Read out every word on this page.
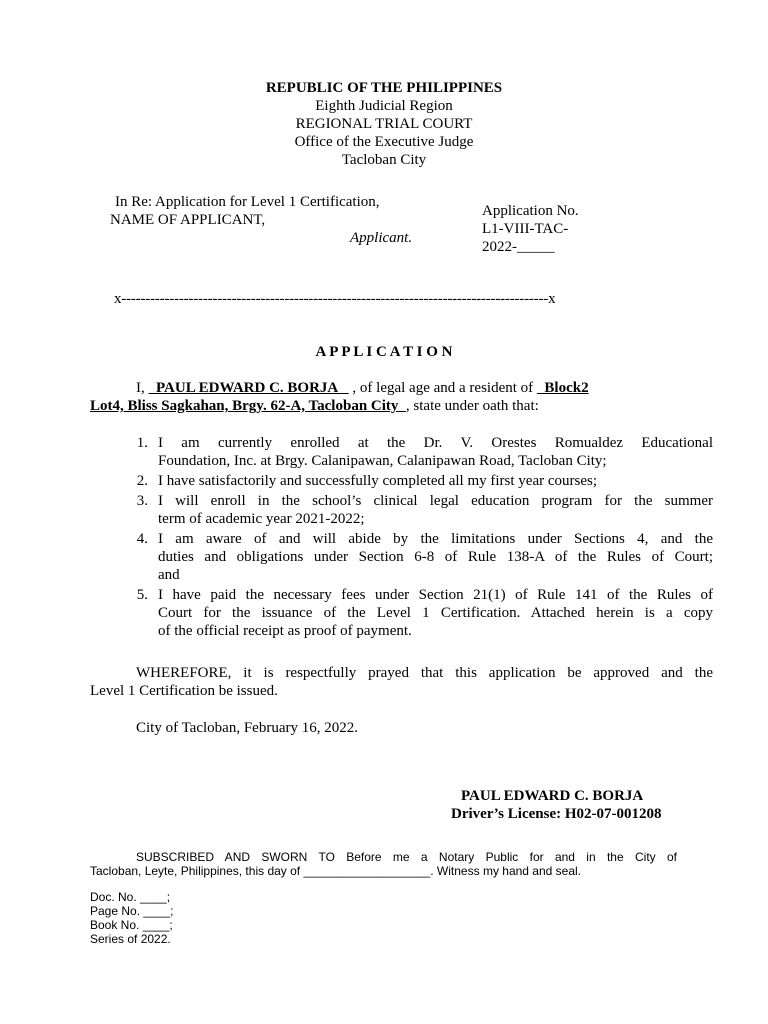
REPUBLIC OF THE PHILIPPINES
Eighth Judicial Region
REGIONAL TRIAL COURT
Office of the Executive Judge
Tacloban City
In Re: Application for Level 1 Certification,
NAME OF APPLICANT,
Applicant.
Application No.
L1-VIII-TAC-
2022-_____
x-----------------------------------------------------------------------------------------x
A P P L I C A T I O N
I,   PAUL EDWARD C. BORJA    , of legal age and a resident of   Block2
Lot4, Bliss Sagkahan, Brgy. 62-A, Tacloban City  , state under oath that:
1. I am currently enrolled at the Dr. V. Orestes Romualdez Educational
Foundation, Inc. at Brgy. Calanipawan, Calanipawan Road, Tacloban City;
2. I have satisfactorily and successfully completed all my first year courses;
3. I will enroll in the school’s clinical legal education program for the summer
term of academic year 2021-2022;
4. I am aware of and will abide by the limitations under Sections 4, and the
duties and obligations under Section 6-8 of Rule 138-A of the Rules of Court;
and
5. I have paid the necessary fees under Section 21(1) of Rule 141 of the Rules of
Court for the issuance of the Level 1 Certification. Attached herein is a copy
of the official receipt as proof of payment.
WHEREFORE, it is respectfully prayed that this application be approved and the
Level 1 Certification be issued.
City of Tacloban, February 16, 2022.
PAUL EDWARD C. BORJA
Driver’s License: H02-07-001208
SUBSCRIBED AND SWORN TO Before me a Notary Public for and in the City of
Tacloban, Leyte, Philippines, this day of ___________________. Witness my hand and seal.
Doc. No. ____;
Page No. ____;
Book No. ____;
Series of 2022.
